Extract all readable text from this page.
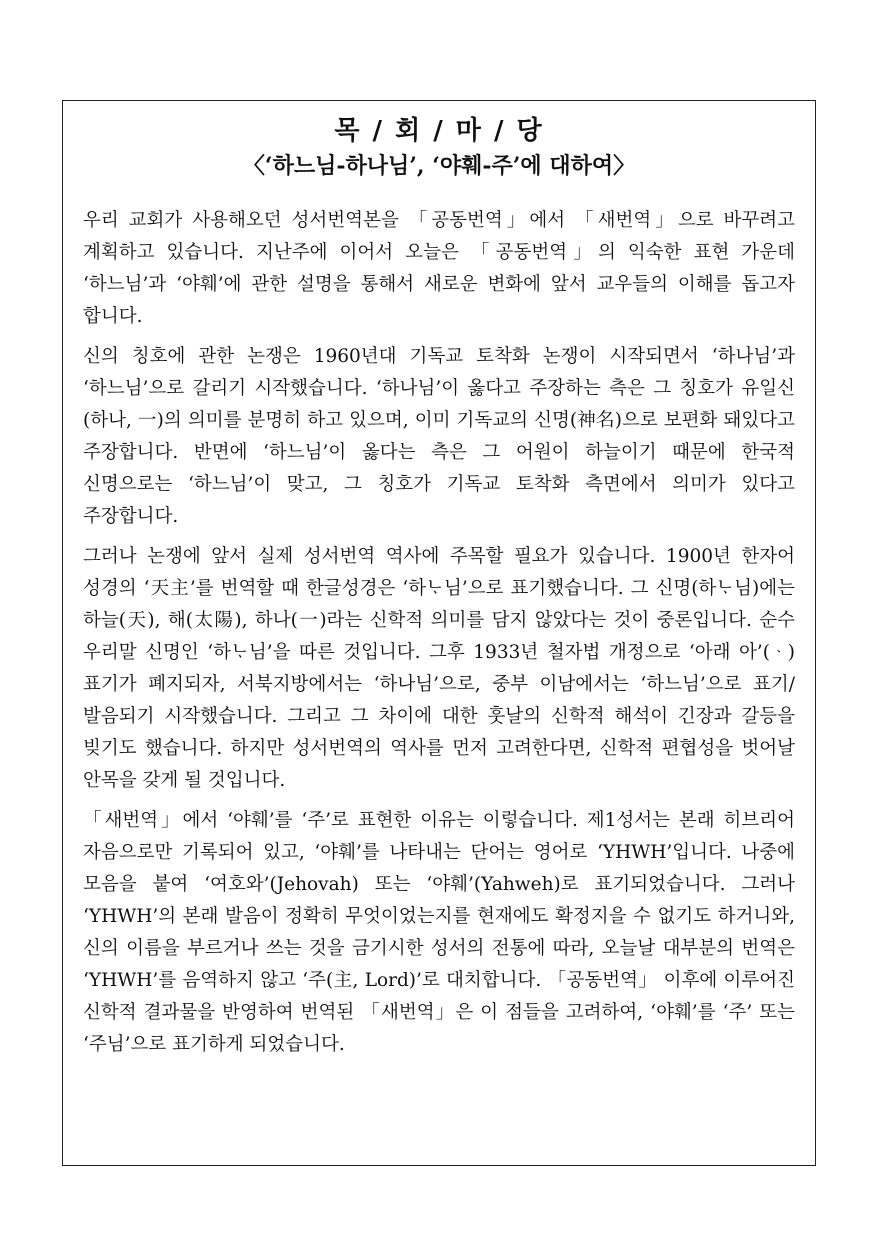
목 / 회 / 마 / 당
〈‘하느님-하나님’, ‘야훼-주’에 대하여〉

우리 교회가 사용해오던 성서번역본을 「공동번역」에서 「새번역」으로 바꾸려고 계획하고 있습니다. 지난주에 이어서 오늘은 「공동번역」의 익숙한 표현 가운데 ‘하느님’과 ‘야훼’에 관한 설명을 통해서 새로운 변화에 앞서 교우들의 이해를 돕고자 합니다.

신의 칭호에 관한 논쟁은 1960년대 기독교 토착화 논쟁이 시작되면서 ‘하나님’과 ‘하느님’으로 갈리기 시작했습니다. ‘하나님’이 옳다고 주장하는 측은 그 칭호가 유일신(하나, 一)의 의미를 분명히 하고 있으며, 이미 기독교의 신명(神名)으로 보편화 돼있다고 주장합니다. 반면에 ‘하느님’이 옳다는 측은 그 어원이 하늘이기 때문에 한국적 신명으로는 ‘하느님’이 맞고, 그 칭호가 기독교 토착화 측면에서 의미가 있다고 주장합니다.

그러나 논쟁에 앞서 실제 성서번역 역사에 주목할 필요가 있습니다. 1900년 한자어 성경의 ‘天主’를 번역할 때 한글성경은 ‘하ᄂᆞ님’으로 표기했습니다. 그 신명(하ᄂᆞ님)에는 하늘(天), 해(太陽), 하나(一)라는 신학적 의미를 담지 않았다는 것이 중론입니다. 순수 우리말 신명인 ‘하ᄂᆞ님’을 따른 것입니다. 그후 1933년 철자법 개정으로 ‘아래 아’(ᆞ) 표기가 폐지되자, 서북지방에서는 ‘하나님’으로, 중부 이남에서는 ‘하느님’으로 표기/발음되기 시작했습니다. 그리고 그 차이에 대한 훗날의 신학적 해석이 긴장과 갈등을 빚기도 했습니다. 하지만 성서번역의 역사를 먼저 고려한다면, 신학적 편협성을 벗어날 안목을 갖게 될 것입니다.

「새번역」에서 ‘야훼’를 ‘주’로 표현한 이유는 이렇습니다. 제1성서는 본래 히브리어 자음으로만 기록되어 있고, ‘야훼’를 나타내는 단어는 영어로 ‘YHWH’입니다. 나중에 모음을 붙여 ‘여호와’(Jehovah) 또는 ‘야훼’(Yahweh)로 표기되었습니다. 그러나 ‘YHWH’의 본래 발음이 정확히 무엇이었는지를 현재에도 확정지을 수 없기도 하거니와, 신의 이름을 부르거나 쓰는 것을 금기시한 성서의 전통에 따라, 오늘날 대부분의 번역은 ‘YHWH’를 음역하지 않고 ‘주(主, Lord)’로 대치합니다. 「공동번역」 이후에 이루어진 신학적 결과물을 반영하여 번역된 「새번역」은 이 점들을 고려하여, ‘야훼’를 ‘주’ 또는 ‘주님’으로 표기하게 되었습니다.
